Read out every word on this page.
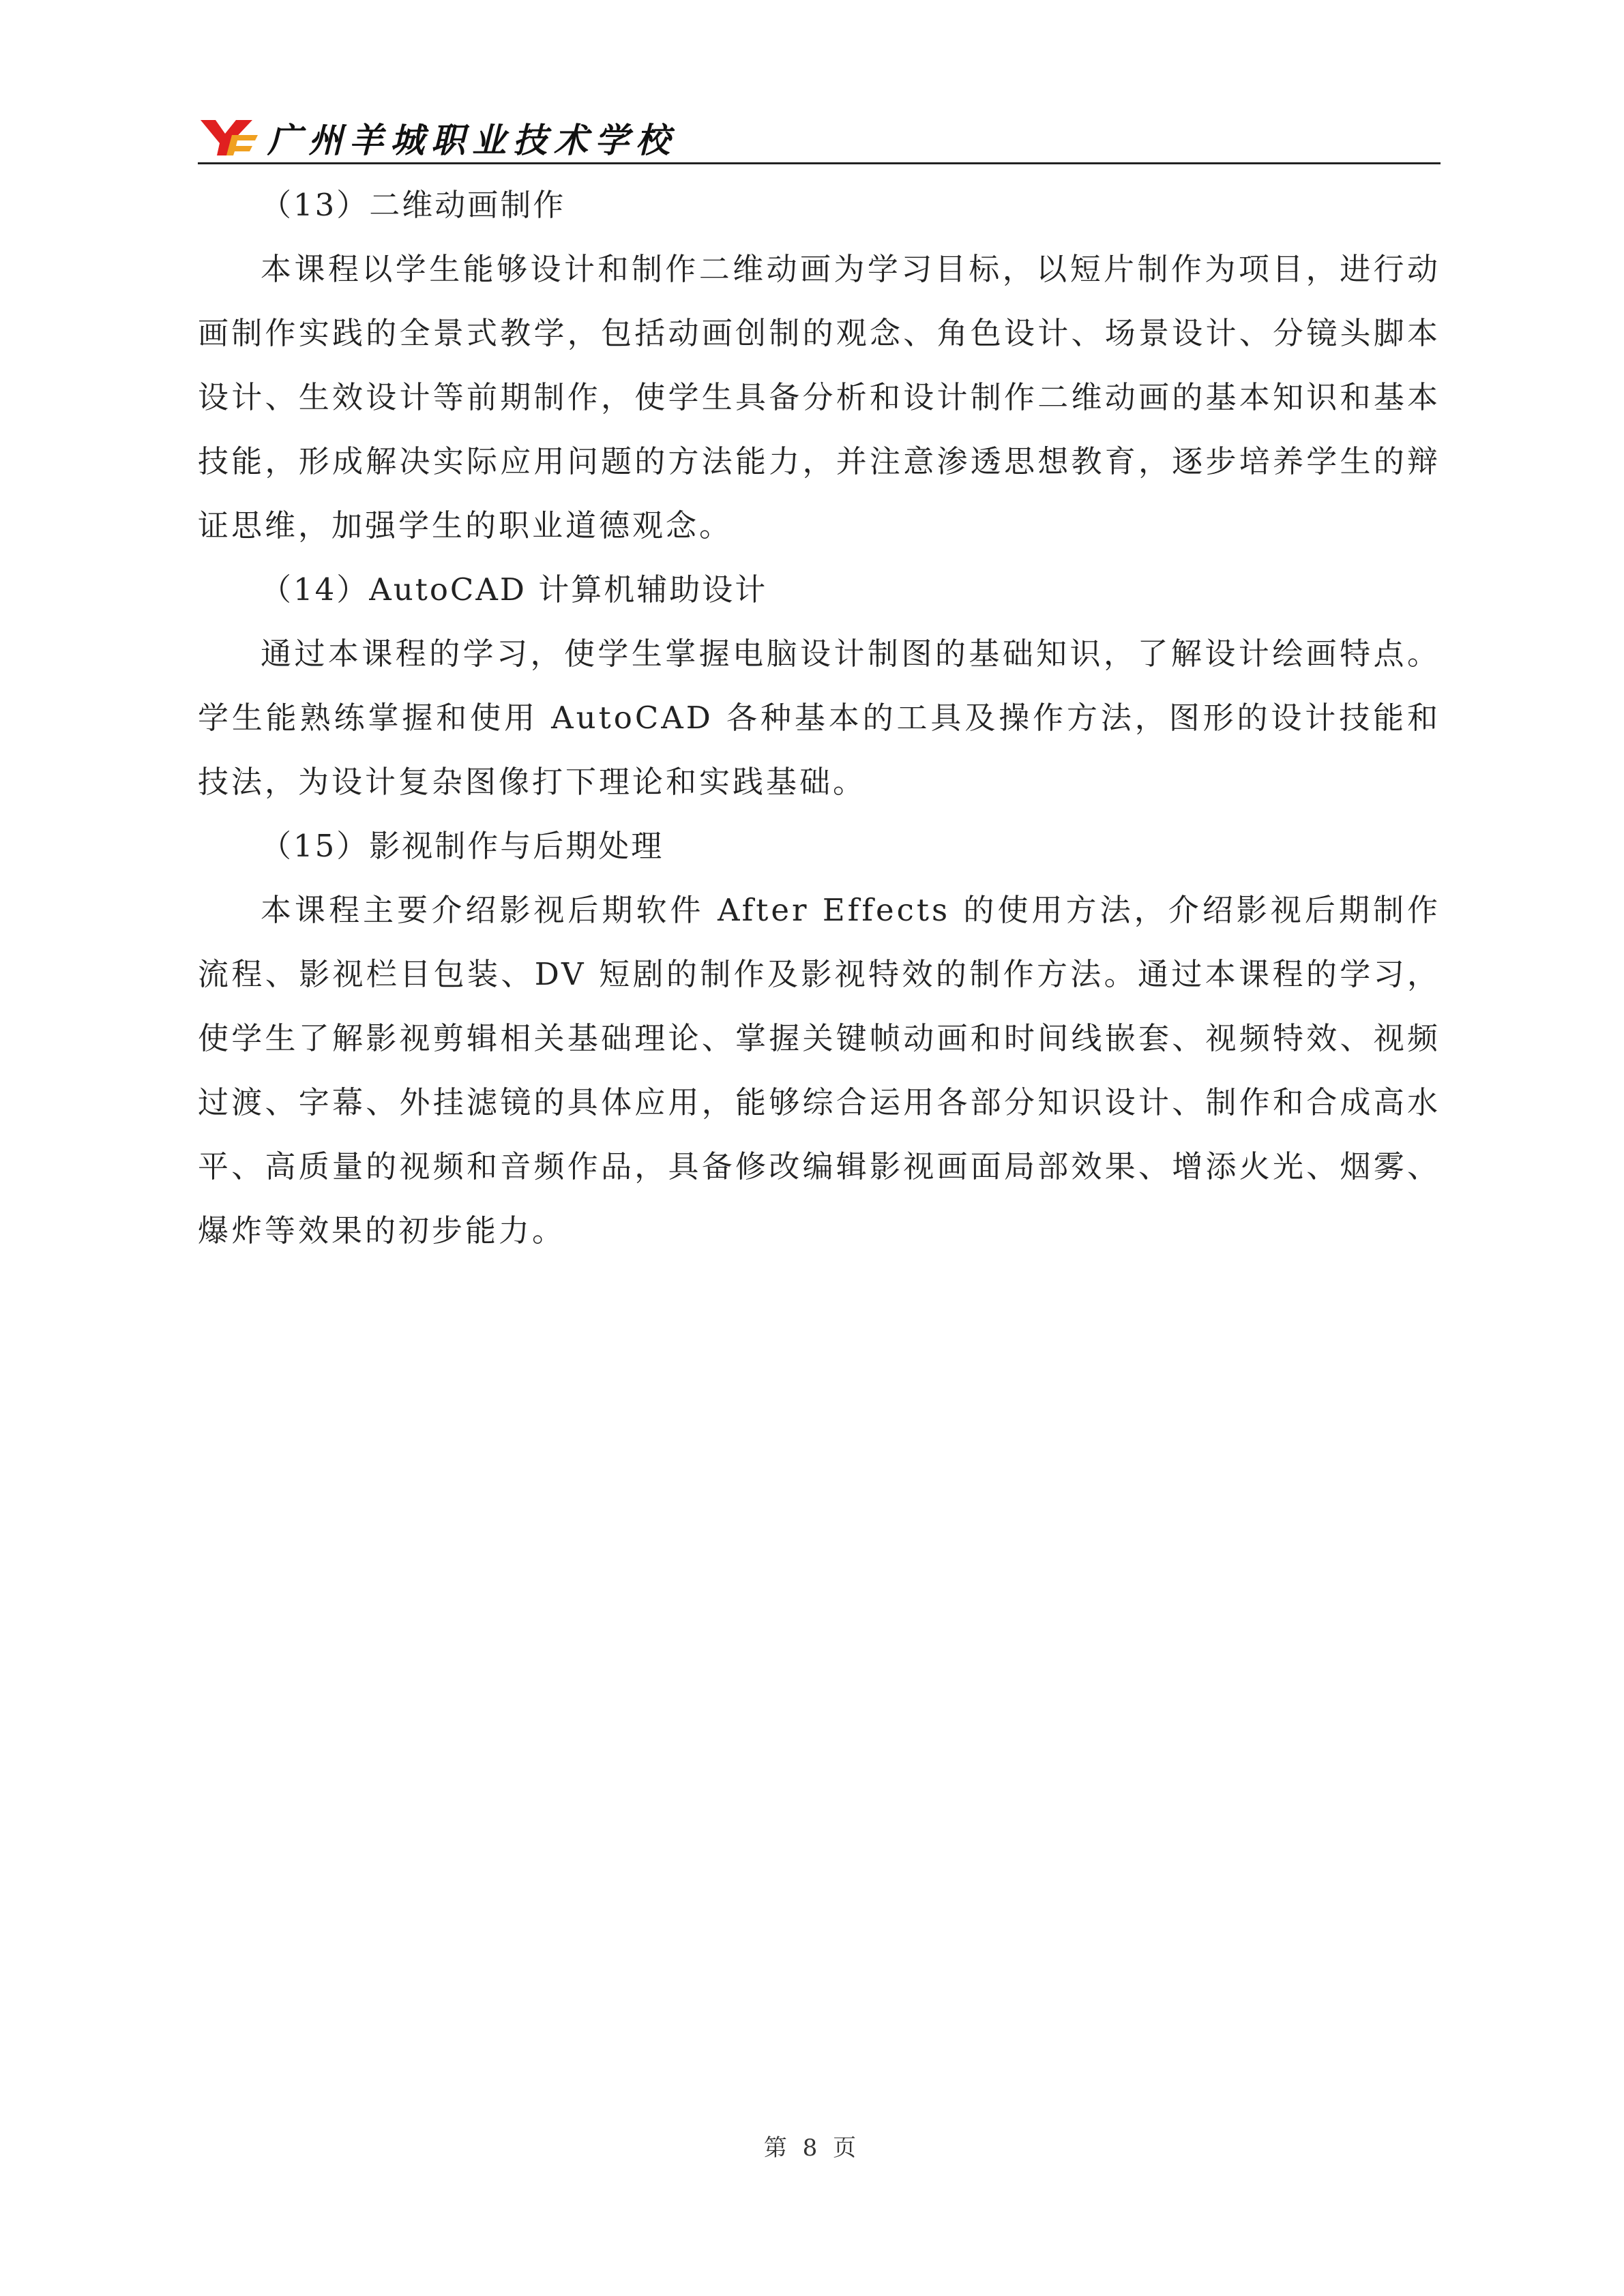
广州羊城职业技术学校

（13）二维动画制作

本课程以学生能够设计和制作二维动画为学习目标，以短片制作为项目，进行动画制作实践的全景式教学，包括动画创制的观念、角色设计、场景设计、分镜头脚本设计、生效设计等前期制作，使学生具备分析和设计制作二维动画的基本知识和基本技能，形成解决实际应用问题的方法能力，并注意渗透思想教育，逐步培养学生的辩证思维，加强学生的职业道德观念。

（14）AutoCAD 计算机辅助设计

通过本课程的学习，使学生掌握电脑设计制图的基础知识，了解设计绘画特点。学生能熟练掌握和使用 AutoCAD 各种基本的工具及操作方法，图形的设计技能和技法，为设计复杂图像打下理论和实践基础。

（15）影视制作与后期处理

本课程主要介绍影视后期软件 After Effects 的使用方法，介绍影视后期制作流程、影视栏目包装、DV 短剧的制作及影视特效的制作方法。通过本课程的学习，使学生了解影视剪辑相关基础理论、掌握关键帧动画和时间线嵌套、视频特效、视频过渡、字幕、外挂滤镜的具体应用，能够综合运用各部分知识设计、制作和合成高水平、高质量的视频和音频作品，具备修改编辑影视画面局部效果、增添火光、烟雾、爆炸等效果的初步能力。

第 8 页
